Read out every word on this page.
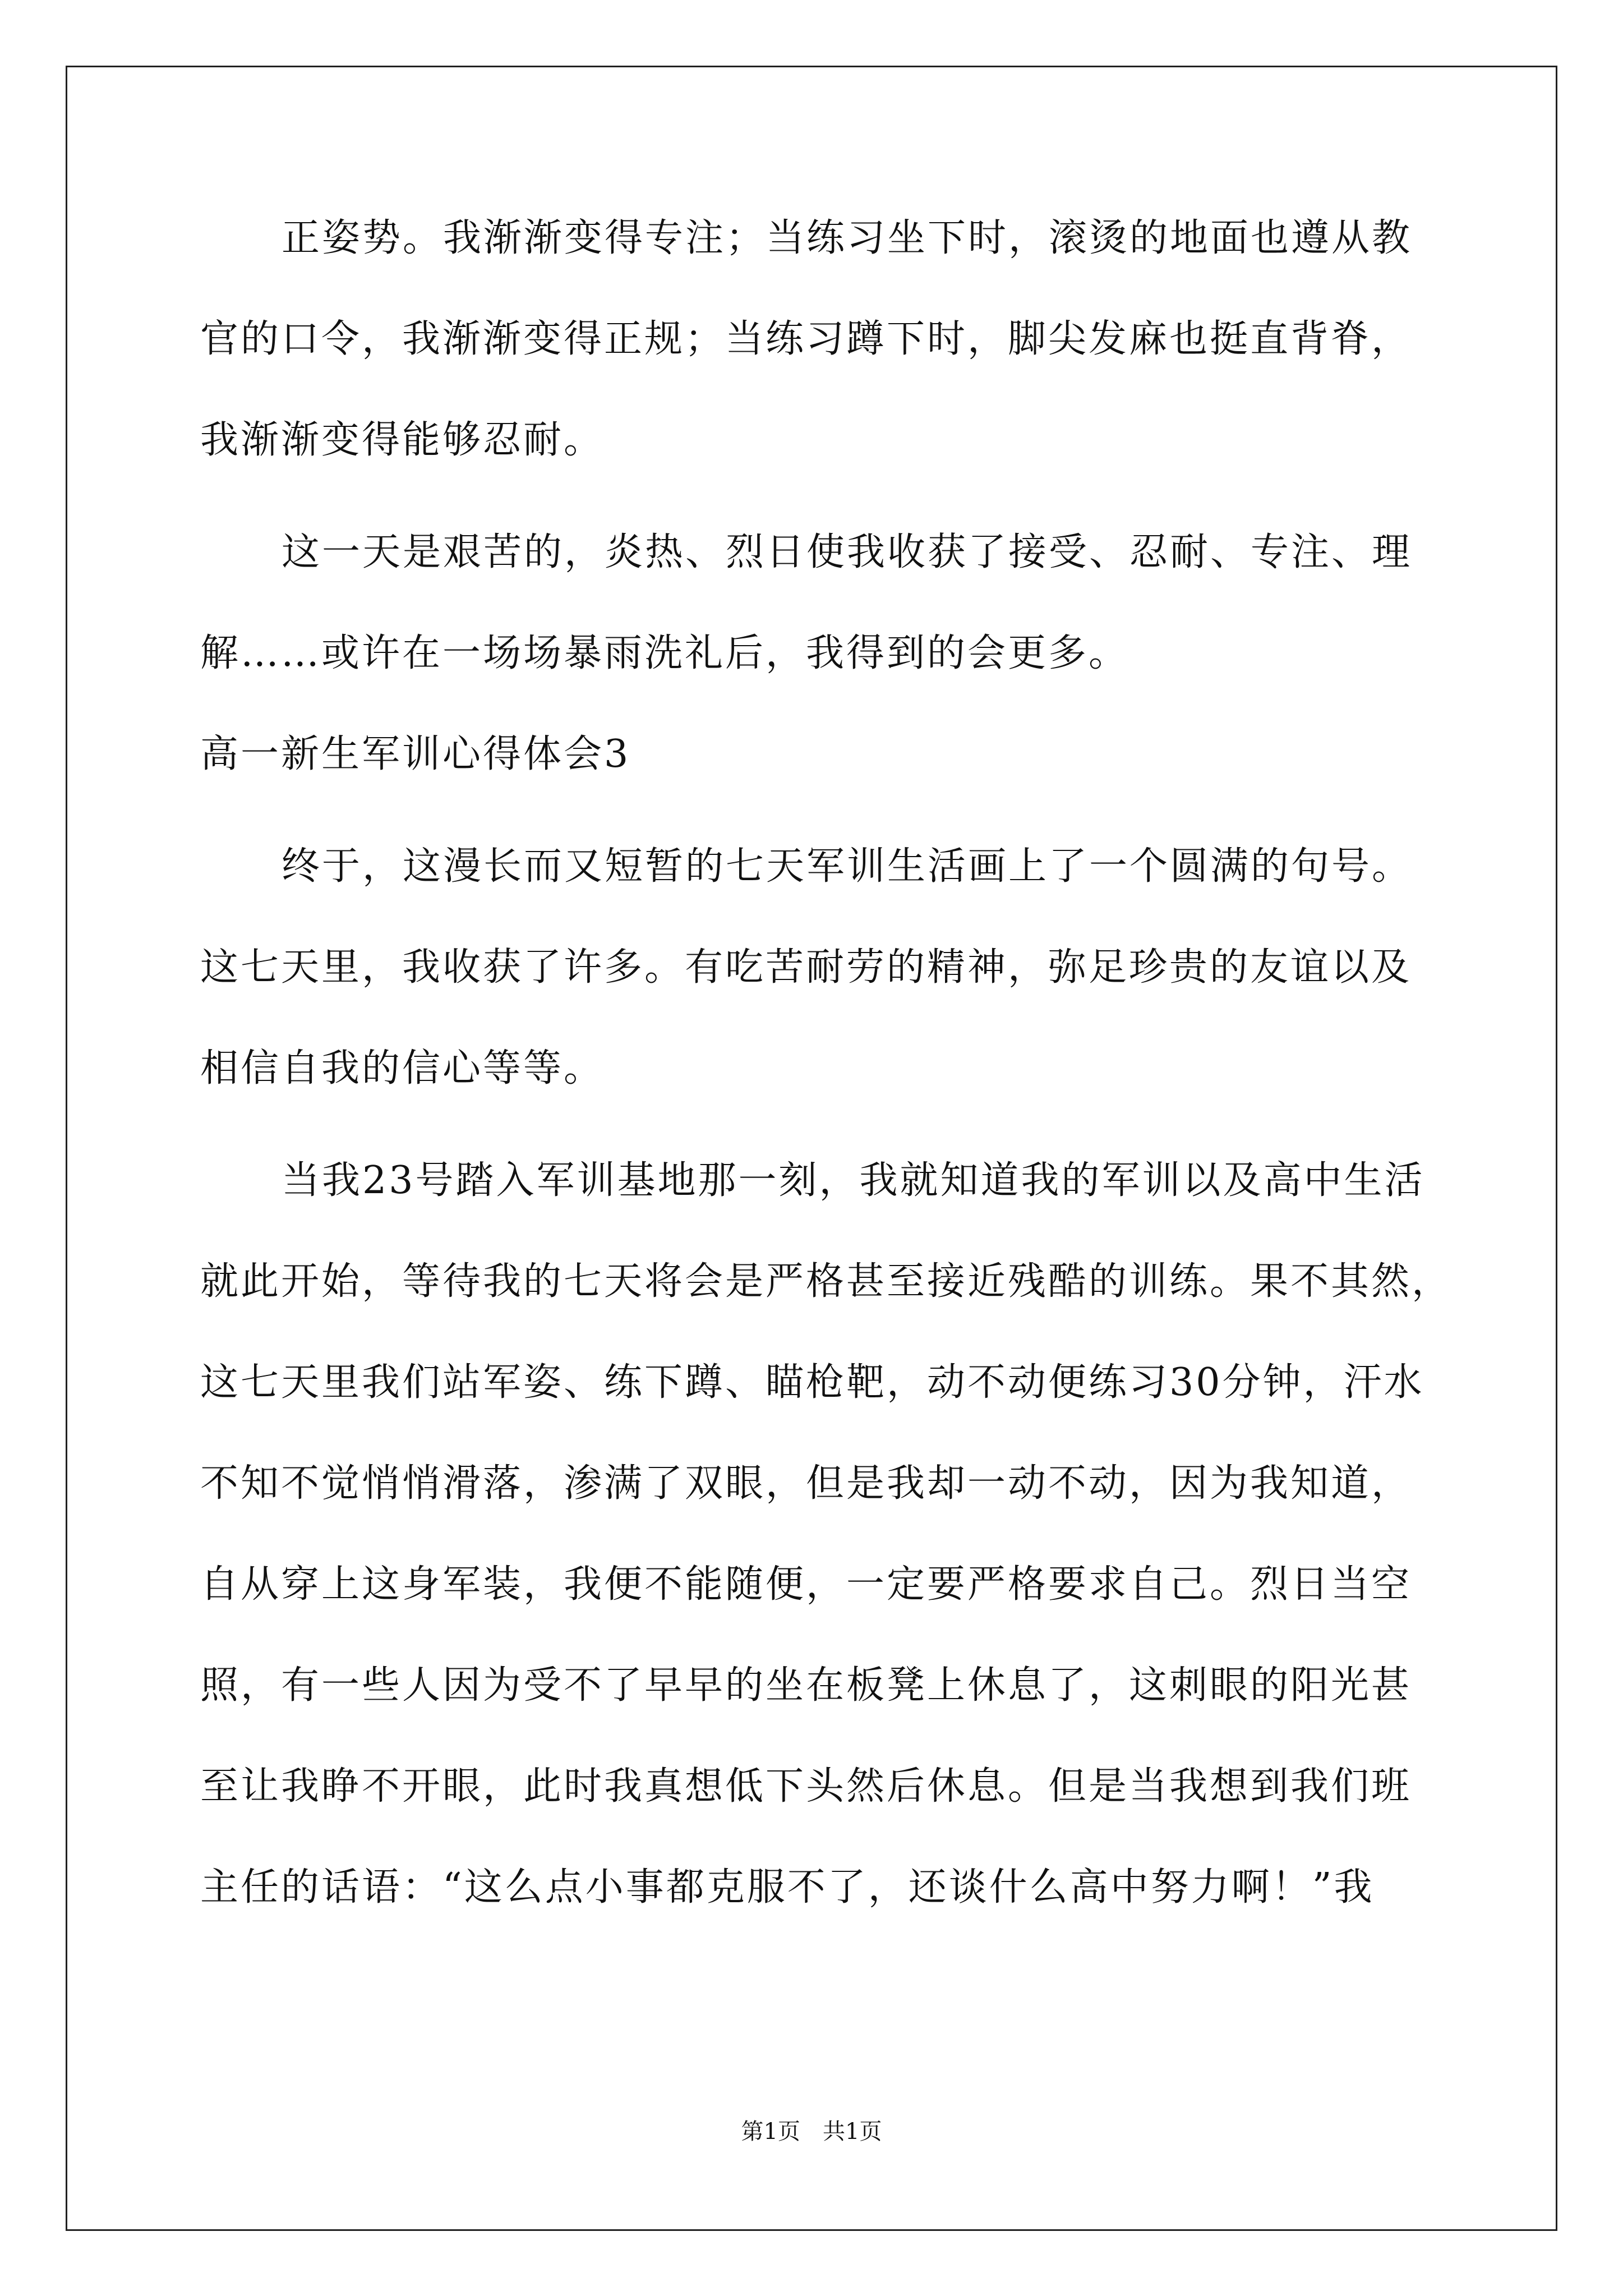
正姿势。我渐渐变得专注；当练习坐下时，滚烫的地面也遵从教
官的口令，我渐渐变得正规；当练习蹲下时，脚尖发麻也挺直背脊，
我渐渐变得能够忍耐。
这一天是艰苦的，炎热、烈日使我收获了接受、忍耐、专注、理
解……或许在一场场暴雨洗礼后，我得到的会更多。
高一新生军训心得体会3
终于，这漫长而又短暂的七天军训生活画上了一个圆满的句号。
这七天里，我收获了许多。有吃苦耐劳的精神，弥足珍贵的友谊以及
相信自我的信心等等。
当我23号踏入军训基地那一刻，我就知道我的军训以及高中生活
就此开始，等待我的七天将会是严格甚至接近残酷的训练。果不其然，
这七天里我们站军姿、练下蹲、瞄枪靶，动不动便练习30分钟，汗水
不知不觉悄悄滑落，渗满了双眼，但是我却一动不动，因为我知道，
自从穿上这身军装，我便不能随便，一定要严格要求自己。烈日当空
照，有一些人因为受不了早早的坐在板凳上休息了，这刺眼的阳光甚
至让我睁不开眼，此时我真想低下头然后休息。但是当我想到我们班
主任的话语：“这么点小事都克服不了，还谈什么高中努力啊！”我
第1页　共1页
